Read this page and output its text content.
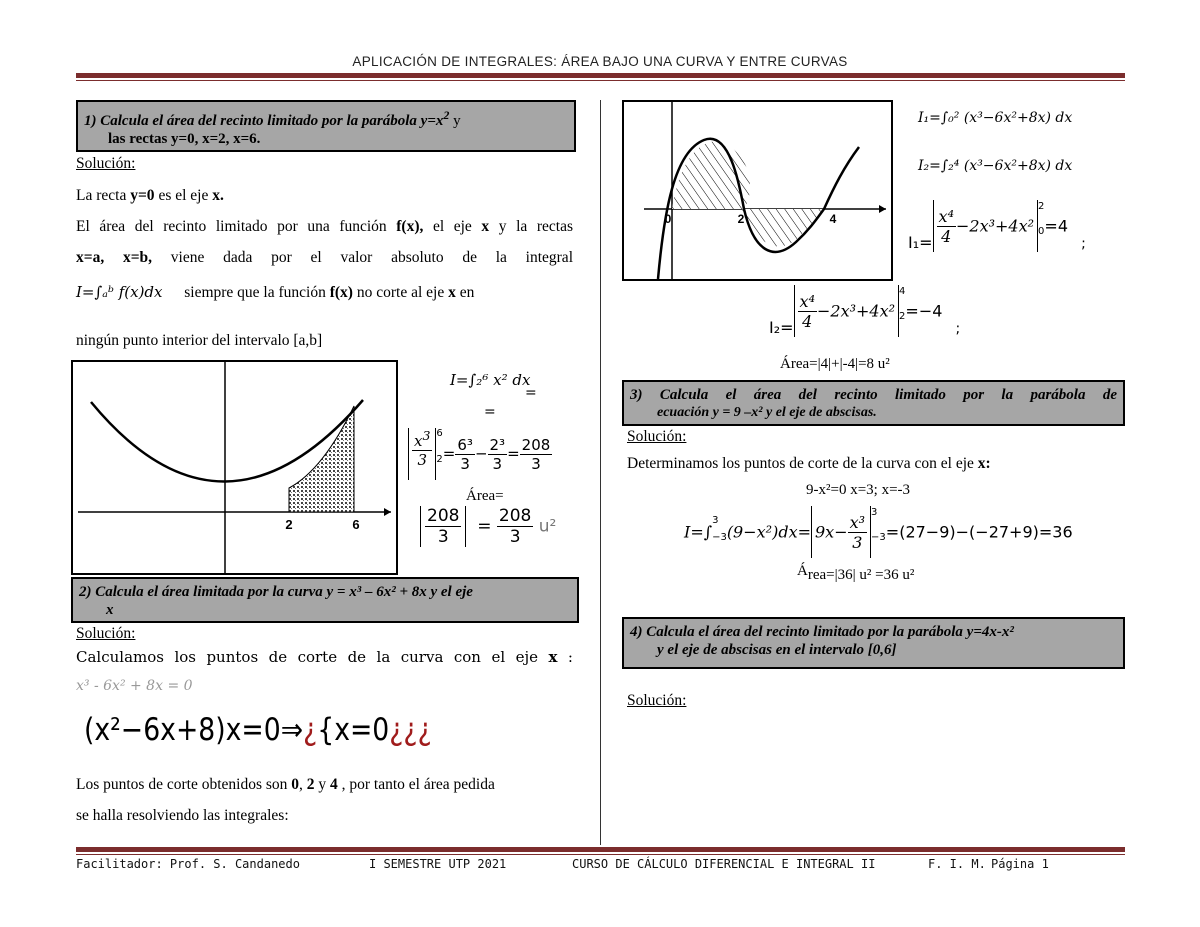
APLICACIÓN DE INTEGRALES: ÁREA BAJO UNA CURVA Y ENTRE CURVAS
1) Calcula el área del recinto limitado por la parábola $y=x^2$ y
las rectas y=0, x=2, x=6.
Solución:
La recta y=0 es el eje x.
El área del recinto limitado por una función f(x), el eje x y la rectas
x=a, x=b, viene dada por el valor absoluto de la integral
I=∫ₐᵇ f(x)dx siempre que la función f(x) no corte al eje x en
ningún punto interior del intervalo [a,b]
2	6
I=∫₂⁶ x² dx
=
=
$\frac{x^3}{3} 6$
$2 = \frac{\text{6³}}{3} - \frac{\text{2³}}{3} = \frac{208}{3}$
Área=
$\frac{208}{3} = \frac{208}{3} u^2$
2) Calcula el área limitada por la curva y = x³ – 6x² + 8x y el eje
x
Solución:
Calculamos los puntos de corte de la curva con el eje x :
x³ - 6x² + 8x = 0
(x²−6x+8)x=0⇒¿{x=0¿¿¿
Los puntos de corte obtenidos son 0, 2 y 4 , por tanto el área pedida
se halla resolviendo las integrales:
0	2	4
I₁=∫₀² (x³−6x²+8x) dx
I₂=∫₂⁴ (x³−6x²+8x) dx
$I_1= \frac{\text{x⁴}}{4} -2x^3+4x^2$
2
0 =4 ;
$I_2= \frac{\text{x⁴}}{4} -2x^3+4x^2$
4
2 =−4 ;
Área=|4|+|-4|=8 u²
3) Calcula el área del recinto limitado por la parábola de
ecuación y = 9 –x² y el eje de abscisas.
Solución:
Determinamos los puntos de corte de la curva con el eje x:
9-x²=0 x=3; x=-3
I=∫
3
−3 $(9-x^2)dx= 9x- \frac{\text{x³}}{3} 3$
−3 =(27−9)−(−27+9)=36
Área=|36| u² =36 u²
4) Calcula el área del recinto limitado por la parábola y=4x-x²
y el eje de abscisas en el intervalo [0,6]
Solución:
Facilitador: Prof. S. Candanedo	I SEMESTRE UTP 2021	CURSO DE CÁLCULO DIFERENCIAL E INTEGRAL II	F. I. M. Página 1
